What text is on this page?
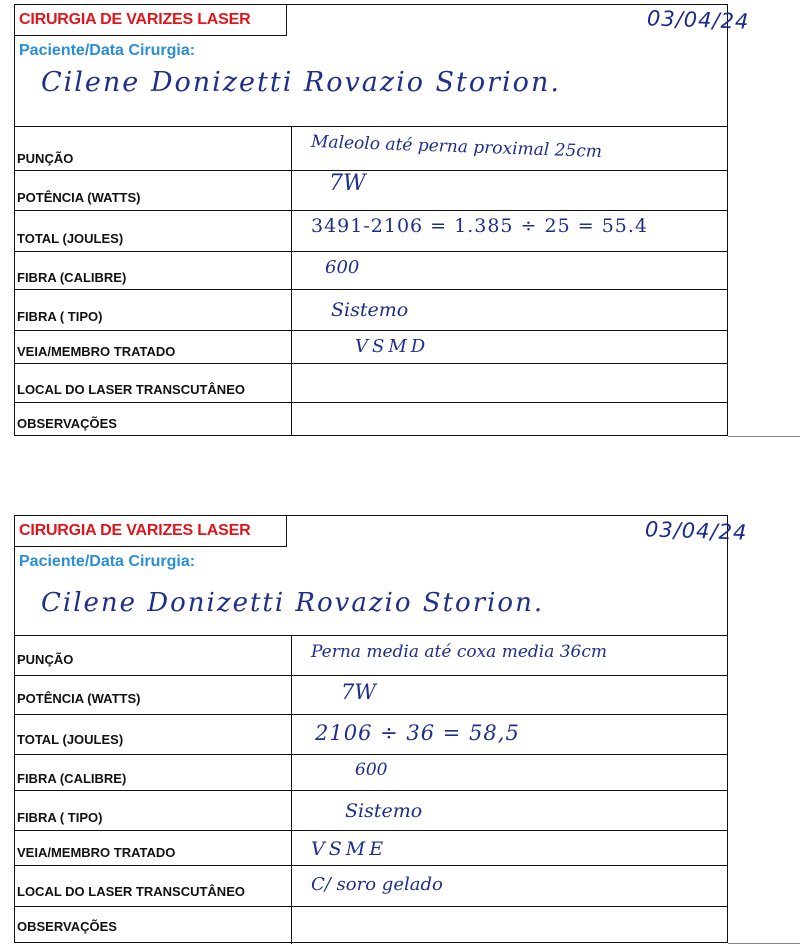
CIRURGIA DE VARIZES LASER	03/04/24
Paciente/Data Cirurgia:
Cilene Donizetti Rovazio Storion.
PUNÇÃO
POTÊNCIA (WATTS)
TOTAL (JOULES)
FIBRA (CALIBRE)
FIBRA ( TIPO)
VEIA/MEMBRO TRATADO
LOCAL DO LASER TRANSCUTÂNEO
OBSERVAÇÕES
Maleolo até perna proximal 25cm
7W
3491-2106 = 1.385 ÷ 25 = 55.4
600
Sistemo
VSMD
CIRURGIA DE VARIZES LASER	03/04/24
Paciente/Data Cirurgia:
Cilene Donizetti Rovazio Storion.
PUNÇÃO
POTÊNCIA (WATTS)
TOTAL (JOULES)
FIBRA (CALIBRE)
FIBRA ( TIPO)
VEIA/MEMBRO TRATADO
LOCAL DO LASER TRANSCUTÂNEO
OBSERVAÇÕES
Perna media até coxa media 36cm
7W
2106 ÷ 36 = 58,5
600
Sistemo
VSME
C/ soro gelado
